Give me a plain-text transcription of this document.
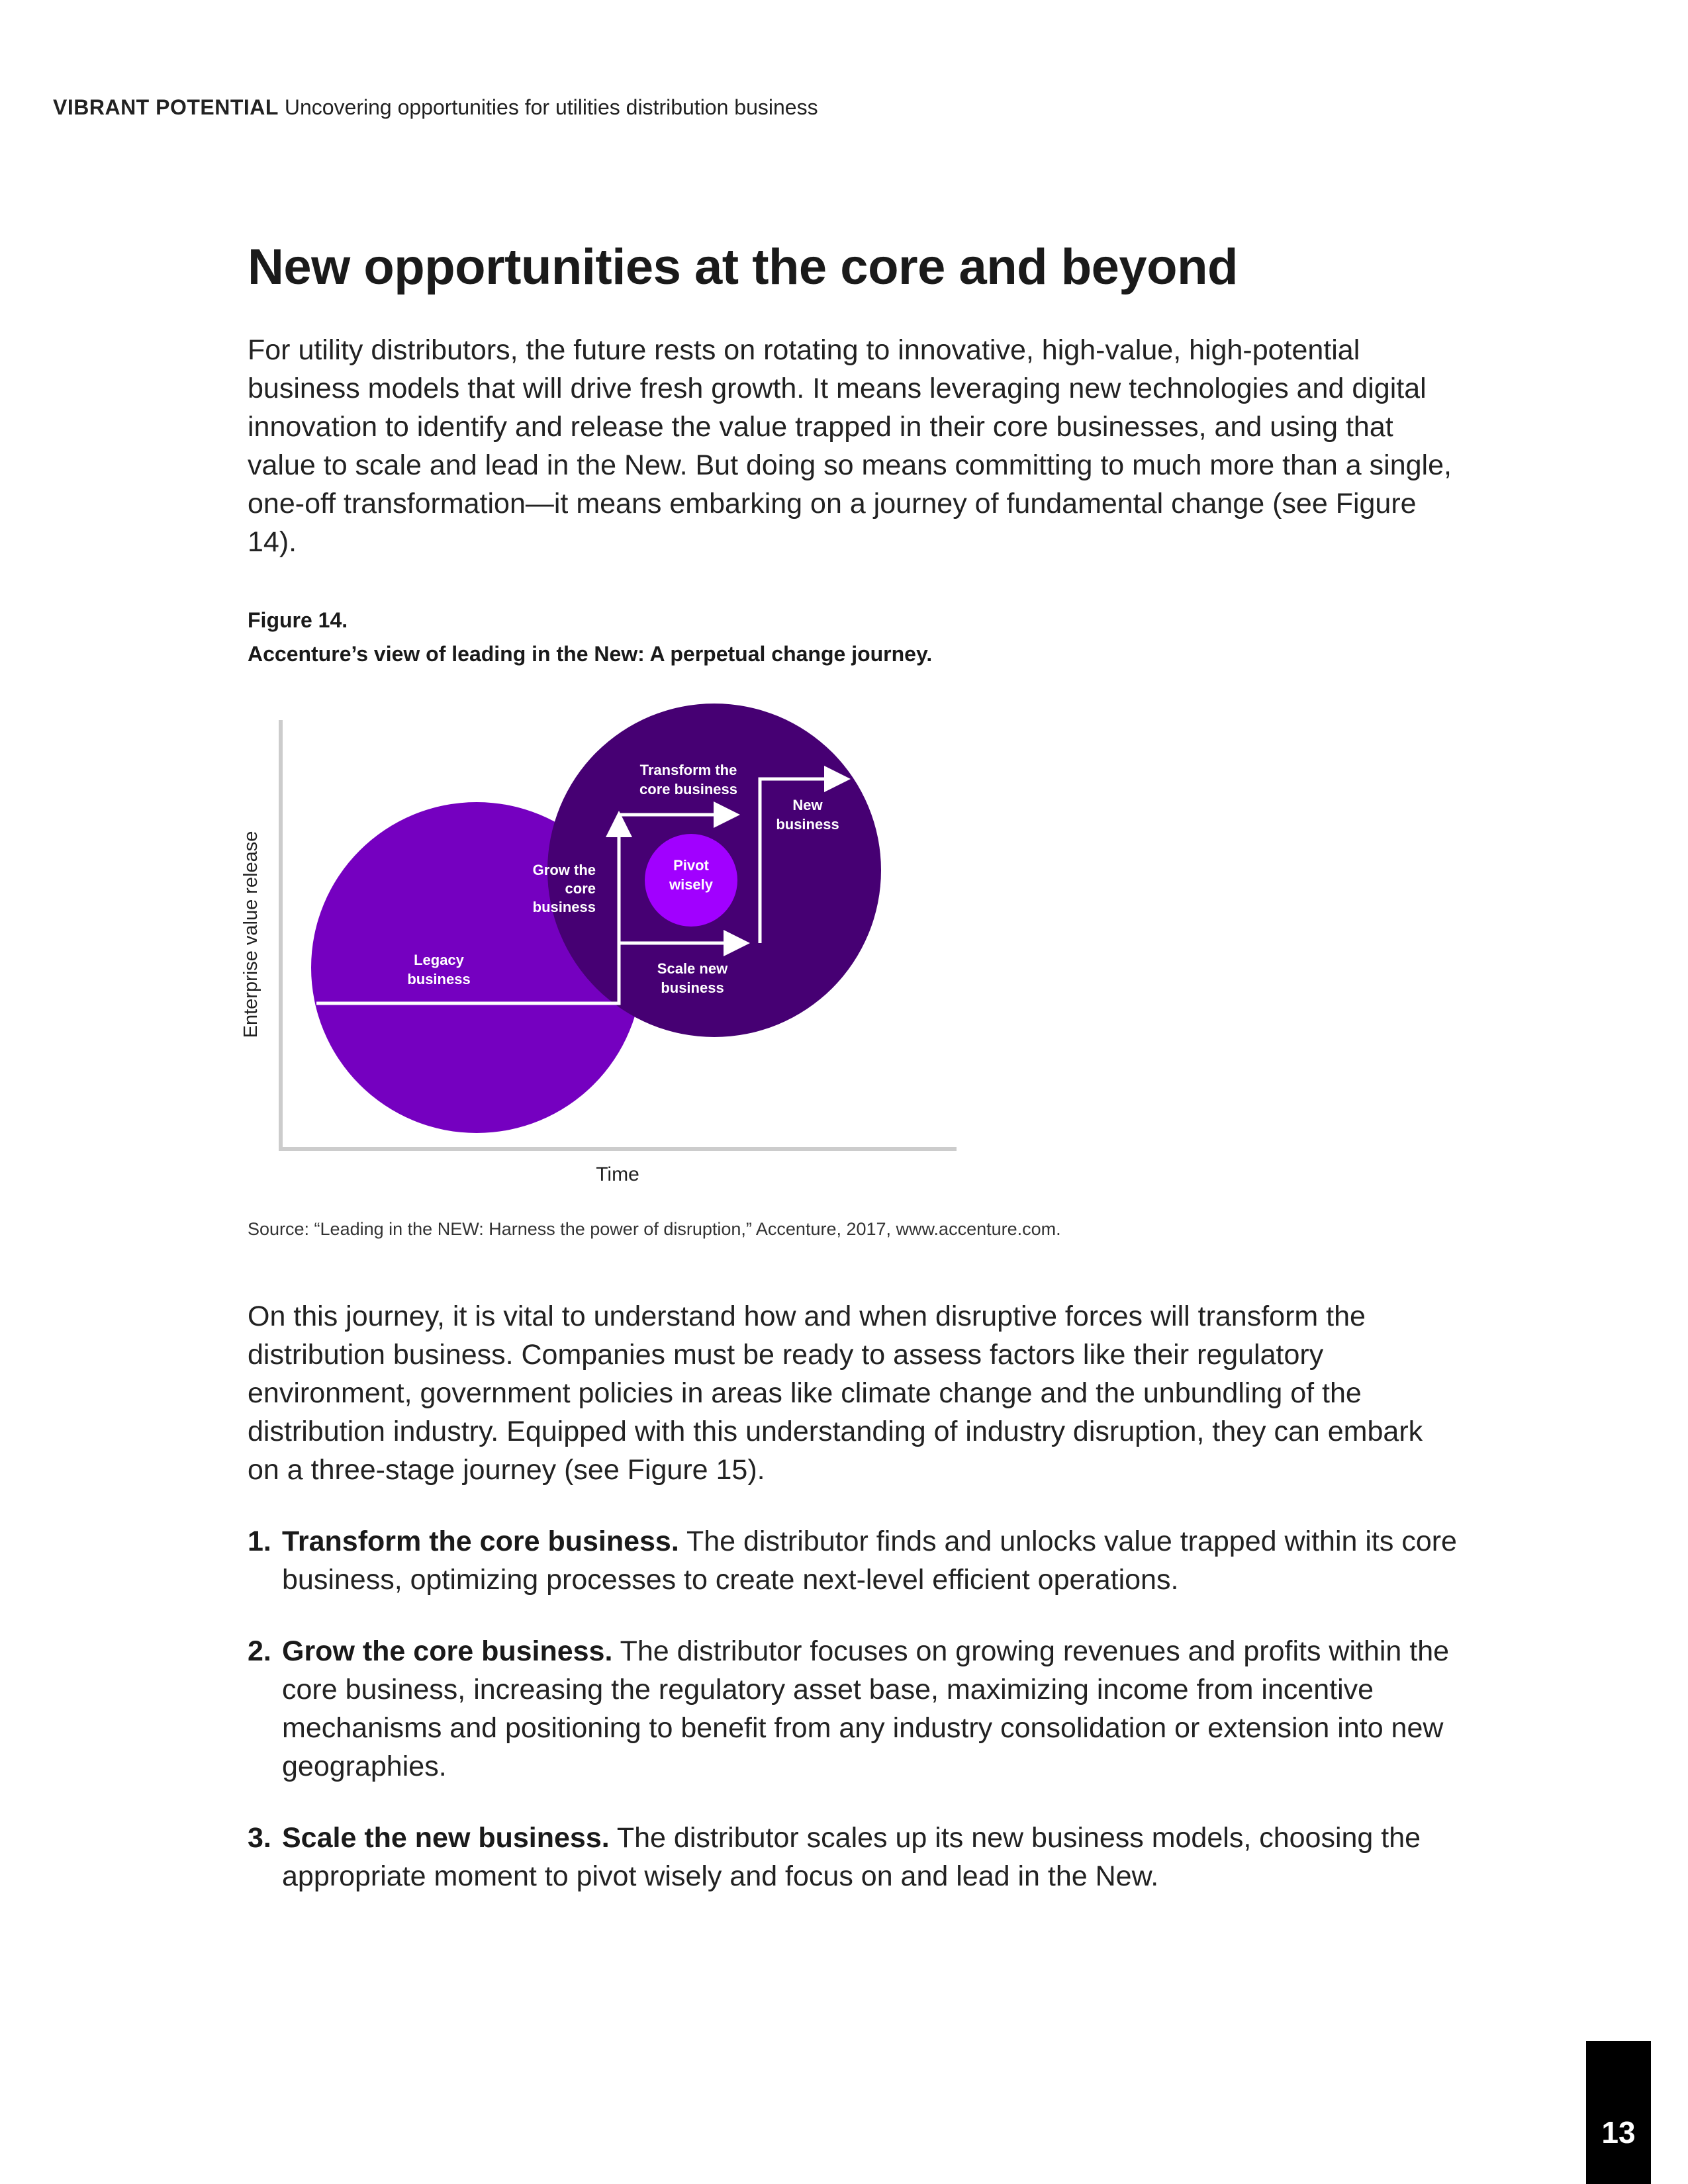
VIBRANT POTENTIAL Uncovering opportunities for utilities distribution business
New opportunities at the core and beyond

For utility distributors, the future rests on rotating to innovative, high-value, high-potential business models that will drive fresh growth. It means leveraging new technologies and digital innovation to identify and release the value trapped in their core businesses, and using that value to scale and lead in the New. But doing so means committing to much more than a single, one-off transformation—it means embarking on a journey of fundamental change (see Figure 14).

Figure 14.
Accenture’s view of leading in the New: A perpetual change journey.
Enterprise value release
Time
Legacy
business
Grow the
core
business
Transform the
core business
New
business
Pivot
wisely
Scale new
business
Source: “Leading in the NEW: Harness the power of disruption,” Accenture, 2017, www.accenture.com.

On this journey, it is vital to understand how and when disruptive forces will transform the distribution business. Companies must be ready to assess factors like their regulatory environment, government policies in areas like climate change and the unbundling of the distribution industry. Equipped with this understanding of industry disruption, they can embark on a three-stage journey (see Figure 15).

1. Transform the core business. The distributor finds and unlocks value trapped within its core business, optimizing processes to create next-level efficient operations.
2. Grow the core business. The distributor focuses on growing revenues and profits within the core business, increasing the regulatory asset base, maximizing income from incentive mechanisms and positioning to benefit from any industry consolidation or extension into new geographies.
3. Scale the new business. The distributor scales up its new business models, choosing the appropriate moment to pivot wisely and focus on and lead in the New.
13
